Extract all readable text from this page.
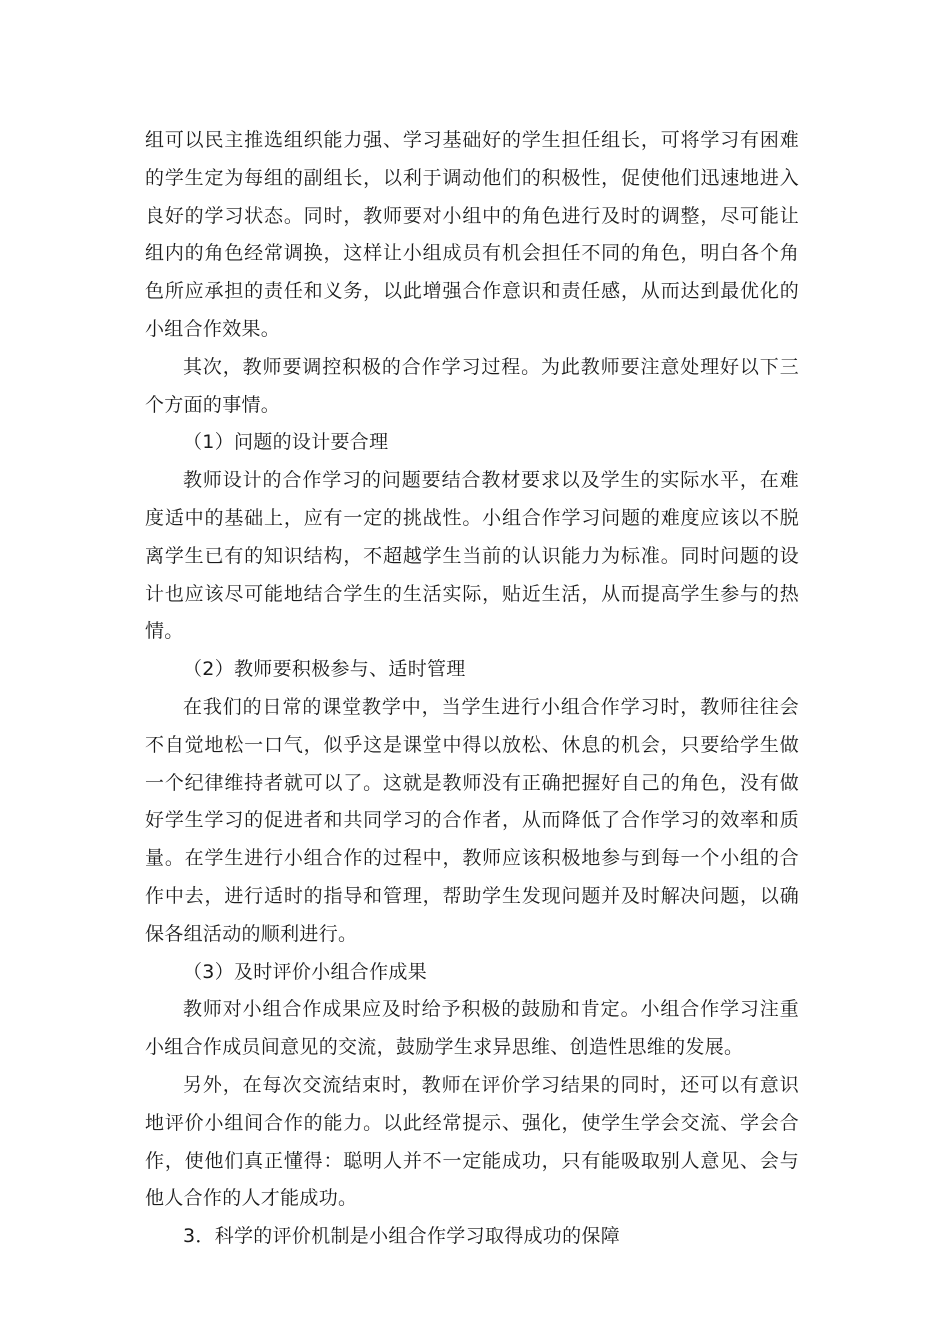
组可以民主推选组织能力强、学习基础好的学生担任组长，可将学习有困难的学生定为每组的副组长，以利于调动他们的积极性，促使他们迅速地进入良好的学习状态。同时，教师要对小组中的角色进行及时的调整，尽可能让组内的角色经常调换，这样让小组成员有机会担任不同的角色，明白各个角色所应承担的责任和义务，以此增强合作意识和责任感，从而达到最优化的小组合作效果。

其次，教师要调控积极的合作学习过程。为此教师要注意处理好以下三个方面的事情。

（1）问题的设计要合理

教师设计的合作学习的问题要结合教材要求以及学生的实际水平，在难度适中的基础上，应有一定的挑战性。小组合作学习问题的难度应该以不脱离学生已有的知识结构，不超越学生当前的认识能力为标准。同时问题的设计也应该尽可能地结合学生的生活实际，贴近生活，从而提高学生参与的热情。

（2）教师要积极参与、适时管理

在我们的日常的课堂教学中，当学生进行小组合作学习时，教师往往会不自觉地松一口气，似乎这是课堂中得以放松、休息的机会，只要给学生做一个纪律维持者就可以了。这就是教师没有正确把握好自己的角色，没有做好学生学习的促进者和共同学习的合作者，从而降低了合作学习的效率和质量。在学生进行小组合作的过程中，教师应该积极地参与到每一个小组的合作中去，进行适时的指导和管理，帮助学生发现问题并及时解决问题，以确保各组活动的顺利进行。

（3）及时评价小组合作成果

教师对小组合作成果应及时给予积极的鼓励和肯定。小组合作学习注重小组合作成员间意见的交流，鼓励学生求异思维、创造性思维的发展。

另外，在每次交流结束时，教师在评价学习结果的同时，还可以有意识地评价小组间合作的能力。以此经常提示、强化，使学生学会交流、学会合作，使他们真正懂得：聪明人并不一定能成功，只有能吸取别人意见、会与他人合作的人才能成功。

3．科学的评价机制是小组合作学习取得成功的保障
